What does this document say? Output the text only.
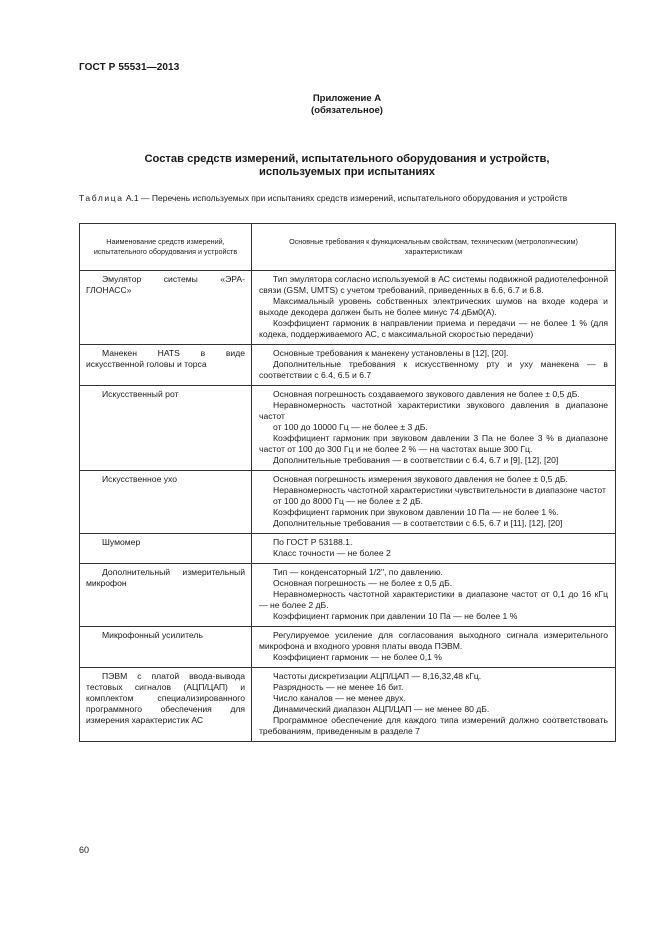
ГОСТ Р 55531—2013
Приложение А
(обязательное)
Состав средств измерений, испытательного оборудования и устройств,
используемых при испытаниях
Таблица А.1 — Перечень используемых при испытаниях средств измерений, испытательного оборудования и устройств
Наименование средств измерений, испытательного оборудования и устройств	Основные требования к функциональным свойствам, техническим (метрологическим) характеристикам

Эмулятор системы «ЭРА-ГЛОНАСС»	Тип эмулятора согласно используемой в АС системы подвижной радиотелефонной связи (GSM, UMTS) с учетом требований, приведенных в 6.6, 6.7 и 6.8.

Максимальный уровень собственных электрических шумов на входе кодера и выходе декодера должен быть не более минус 74 дБм0(А).

Коэффициент гармоник в направлении приема и передачи — не более 1 % (для кодека, поддерживаемого АС, с максимальной скоростью передачи)

Манекен HATS в виде искусственной головы и торса	Основные требования к манекену установлены в [12], [20].

Дополнительные требования к искусственному рту и уху манекена — в соответствии с 6.4, 6.5 и 6.7

Искусственный рот	Основная погрешность создаваемого звукового давления не более ± 0,5 дБ.

Неравномерность частотной характеристики звукового давления в диапазоне частот

от 100 до 10000 Гц — не более ± 3 дБ.

Коэффициент гармоник при звуковом давлении 3 Па не более 3 % в диапазоне частот от 100 до 300 Гц и не более 2 % — на частотах выше 300 Гц.

Дополнительные требования — в соответствии с 6.4, 6.7 и [9], [12], [20]

Искусственное ухо	Основная погрешность измерения звукового давления не более ± 0,5 дБ.

Неравномерность частотной характеристики чувствительности в диапазоне частот

от 100 до 8000 Гц — не более ± 2 дБ.

Коэффициент гармоник при звуковом давлении 10 Па — не более 1 %.

Дополнительные требования — в соответствии с 6.5, 6.7 и [11], [12], [20]

Шумомер	По ГОСТ Р 53188.1.

Класс точности — не более 2

Дополнительный измерительный микрофон	Тип — конденсаторный 1/2", по давлению.

Основная погрешность — не более ± 0,5 дБ.

Неравномерность частотной характеристики в диапазоне частот от 0,1 до 16 кГц — не более 2 дБ.

Коэффициент гармоник при давлении 10 Па — не более 1 %

Микрофонный усилитель	Регулируемое усиление для согласования выходного сигнала измерительного микрофона и входного уровня платы ввода ПЭВМ.

Коэффициент гармоник — не более 0,1 %

ПЭВМ с платой ввода-вывода тестовых сигналов (АЦП/ЦАП) и комплектом специализированного программного обеспечения для измерения характеристик АС	Частоты дискретизации АЦП/ЦАП — 8,16,32,48 кГц.

Разрядность — не менее 16 бит.

Число каналов — не менее двух.

Динамический диапазон АЦП/ЦАП — не менее 80 дБ.

Программное обеспечение для каждого типа измерений должно соответствовать требованиям, приведенным в разделе 7

60
